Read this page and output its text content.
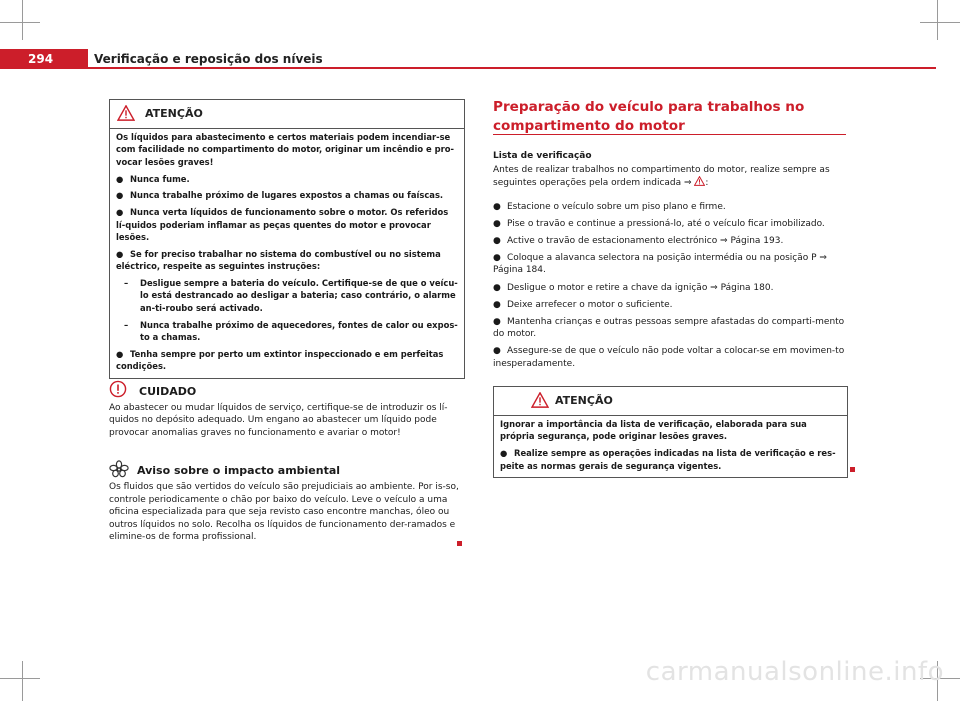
294	Verificação e reposição dos níveis
ATENÇÃO

Os líquidos para abastecimento e certos materiais podem incendiar-se com facilidade no compartimento do motor, originar um incêndio e pro-vocar lesões graves!

● Nunca fume.

● Nunca trabalhe próximo de lugares expostos a chamas ou faíscas.

● Nunca verta líquidos de funcionamento sobre o motor. Os referidos lí-quidos poderiam inflamar as peças quentes do motor e provocar lesões.

● Se for preciso trabalhar no sistema do combustível ou no sistema eléctrico, respeite as seguintes instruções:

– Desligue sempre a bateria do veículo. Certifique-se de que o veícu-lo está destrancado ao desligar a bateria; caso contrário, o alarme an-ti-roubo será activado.

– Nunca trabalhe próximo de aquecedores, fontes de calor ou expos-to a chamas.

● Tenha sempre por perto um extintor inspeccionado e em perfeitas condições.

CUIDADO

Ao abastecer ou mudar líquidos de serviço, certifique-se de introduzir os lí-quidos no depósito adequado. Um engano ao abastecer um líquido pode provocar anomalias graves no funcionamento e avariar o motor!

Aviso sobre o impacto ambiental

Os fluidos que são vertidos do veículo são prejudiciais ao ambiente. Por is-so, controle periodicamente o chão por baixo do veículo. Leve o veículo a uma oficina especializada para que seja revisto caso encontre manchas, óleo ou outros líquidos no solo. Recolha os líquidos de funcionamento der-ramados e elimine-os de forma profissional.

Preparação do veículo para trabalhos no compartimento do motor
Lista de verificação

Antes de realizar trabalhos no compartimento do motor, realize sempre as seguintes operações pela ordem indicada ⇒ :

● Estacione o veículo sobre um piso plano e firme.

● Pise o travão e continue a pressioná-lo, até o veículo ficar imobilizado.

● Active o travão de estacionamento electrónico ⇒ Página 193.

● Coloque a alavanca selectora na posição intermédia ou na posição P ⇒ Página 184.

● Desligue o motor e retire a chave da ignição ⇒ Página 180.

● Deixe arrefecer o motor o suficiente.

● Mantenha crianças e outras pessoas sempre afastadas do comparti-mento do motor.

● Assegure-se de que o veículo não pode voltar a colocar-se em movimen-to inesperadamente.

ATENÇÃO

Ignorar a importância da lista de verificação, elaborada para sua própria segurança, pode originar lesões graves.

● Realize sempre as operações indicadas na lista de verificação e res-peite as normas gerais de segurança vigentes.

carmanualsonline.info
